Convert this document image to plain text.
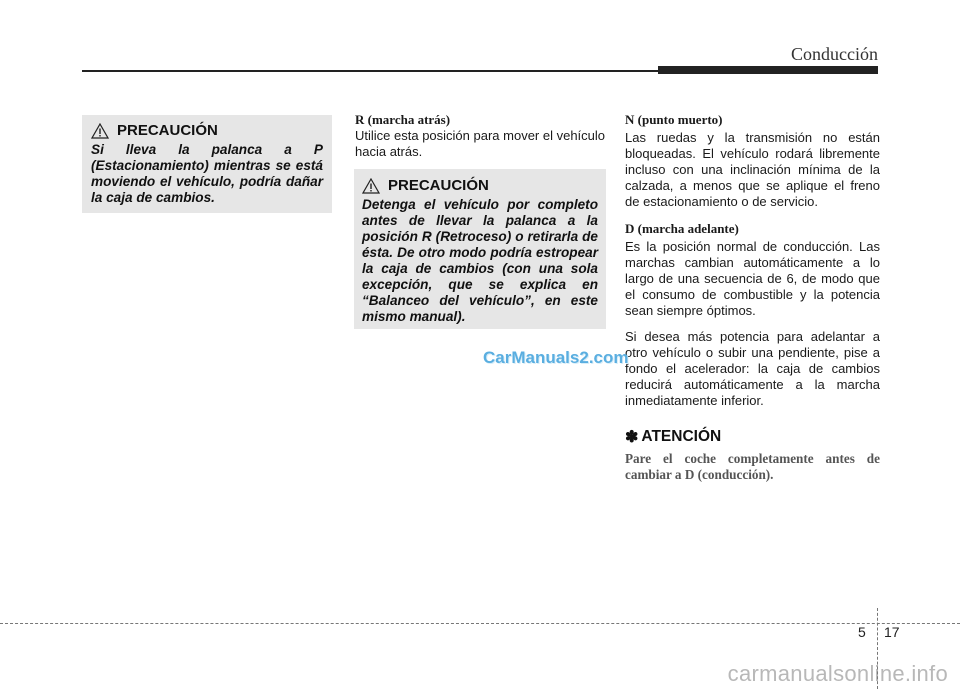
Conducción
PRECAUCIÓN

Si lleva la palanca a P (Estacionamiento) mientras se está moviendo el vehículo, podría dañar la caja de cambios.

R (marcha atrás)

Utilice esta posición para mover el vehículo hacia atrás.

PRECAUCIÓN

Detenga el vehículo por completo antes de llevar la palanca a la posición R (Retroceso) o retirarla de ésta. De otro modo podría estropear la caja de cambios (con una sola excepción, que se explica en “Balanceo del vehículo”, en este mismo manual).

N (punto muerto)

Las ruedas y la transmisión no están bloqueadas. El vehículo rodará libremente incluso con una inclinación mínima de la calzada, a menos que se aplique el freno de estacionamiento o de servicio.

D (marcha adelante)

Es la posición normal de conducción. Las marchas cambian automáticamente a lo largo de una secuencia de 6, de modo que el consumo de combustible y la potencia sean siempre óptimos.

Si desea más potencia para adelantar a otro vehículo o subir una pendiente, pise a fondo el acelerador: la caja de cambios reducirá automáticamente a la marcha inmediatamente inferior.

✽ ATENCIÓN

Pare el coche completamente antes de cambiar a D (conducción).

CarManuals2.com
carmanualsonline.info
5 17
